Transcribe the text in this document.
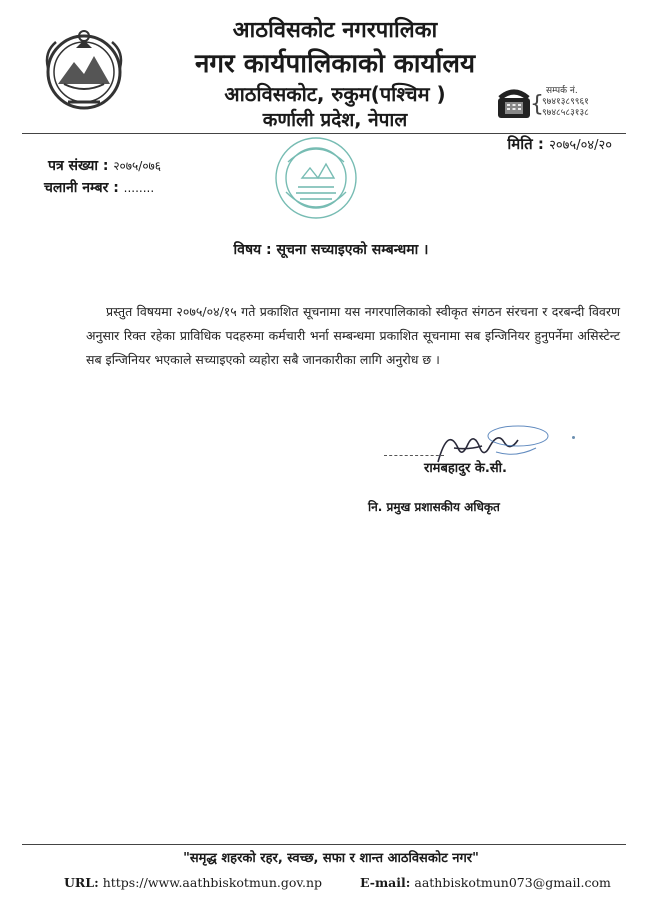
आठविसकोट नगरपालिका
नगर कार्यपालिकाको कार्यालय
आठविसकोट, रुकुम(पश्चिम )
कर्णाली प्रदेश, नेपाल
{
सम्पर्क नं.
९७४१३८९९६१
९७४८५८३१३८
मिति : २०७५/०४/२०
पत्र संख्या : २०७५/०७६
चलानी नम्बर : ........
विषय : सूचना सच्याइएको सम्बन्धमा ।
प्रस्तुत विषयमा २०७५/०४/१५ गते प्रकाशित सूचनामा यस नगरपालिकाको स्वीकृत संगठन संरचना र दरबन्दी विवरण अनुसार रिक्त रहेका प्राविधिक पदहरुमा कर्मचारी भर्ना सम्बन्धमा प्रकाशित सूचनामा सब इन्जिनियर हुनुपर्नेमा असिस्टेन्ट सब इन्जिनियर भएकाले सच्याइएको व्यहोरा सबै जानकारीका लागि अनुरोध छ ।
रामबहादुर के.सी.
नि. प्रमुख प्रशासकीय अधिकृत
"समृद्ध शहरको रहर, स्वच्छ, सफा र शान्त आठविसकोट नगर"
URL: https://www.aathbiskotmun.gov.np	E-mail: aathbiskotmun073@gmail.com
